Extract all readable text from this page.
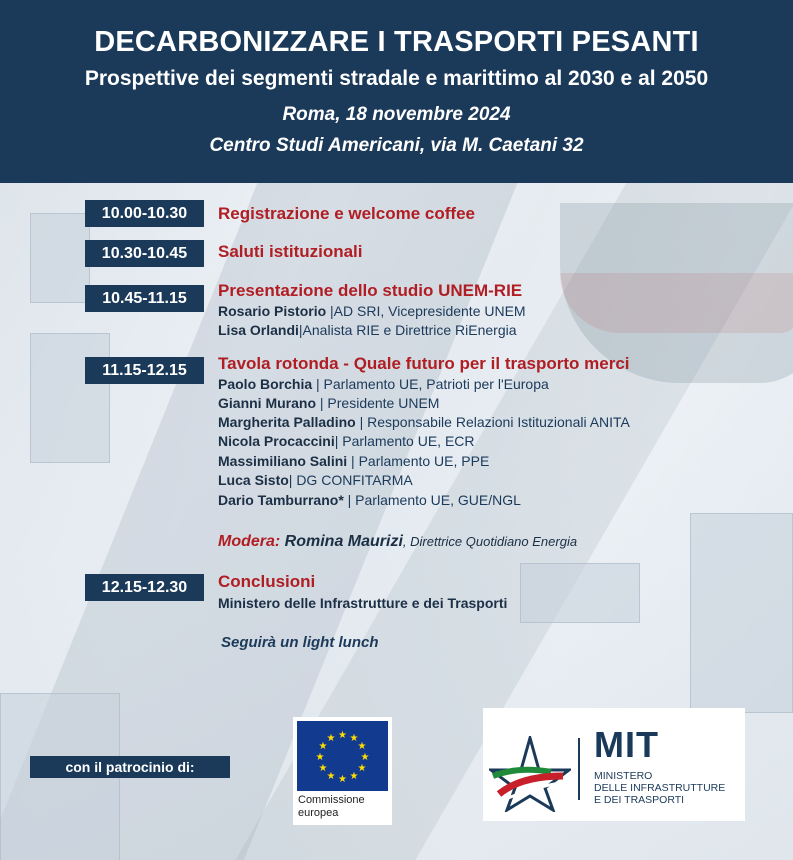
DECARBONIZZARE I TRASPORTI PESANTI
Prospettive dei segmenti stradale e marittimo al 2030 e al 2050
Roma, 18 novembre 2024
Centro Studi Americani, via M. Caetani 32
10.00-10.30	Registrazione e welcome coffee
10.30-10.45	Saluti istituzionali
10.45-11.15	Presentazione dello studio UNEM-RIE
Rosario Pistorio |AD SRI, Vicepresidente UNEM
Lisa Orlandi|Analista RIE e Direttrice RiEnergia
11.15-12.15	Tavola rotonda - Quale futuro per il trasporto merci
Paolo Borchia | Parlamento UE, Patrioti per l'Europa
Gianni Murano | Presidente UNEM
Margherita Palladino | Responsabile Relazioni Istituzionali ANITA
Nicola Procaccini| Parlamento UE, ECR
Massimiliano Salini | Parlamento UE, PPE
Luca Sisto| DG CONFITARMA
Dario Tamburrano* | Parlamento UE, GUE/NGL
Modera: Romina Maurizi, Direttrice Quotidiano Energia
12.15-12.30	Conclusioni
Ministero delle Infrastrutture e dei Trasporti
Seguirà un light lunch
con il patrocinio di:
★ ★
★
★
★
★
★
★
★
★
★
★
Commissione
europea
MIT
MINISTERO
DELLE INFRASTRUTTURE
E DEI TRASPORTI
